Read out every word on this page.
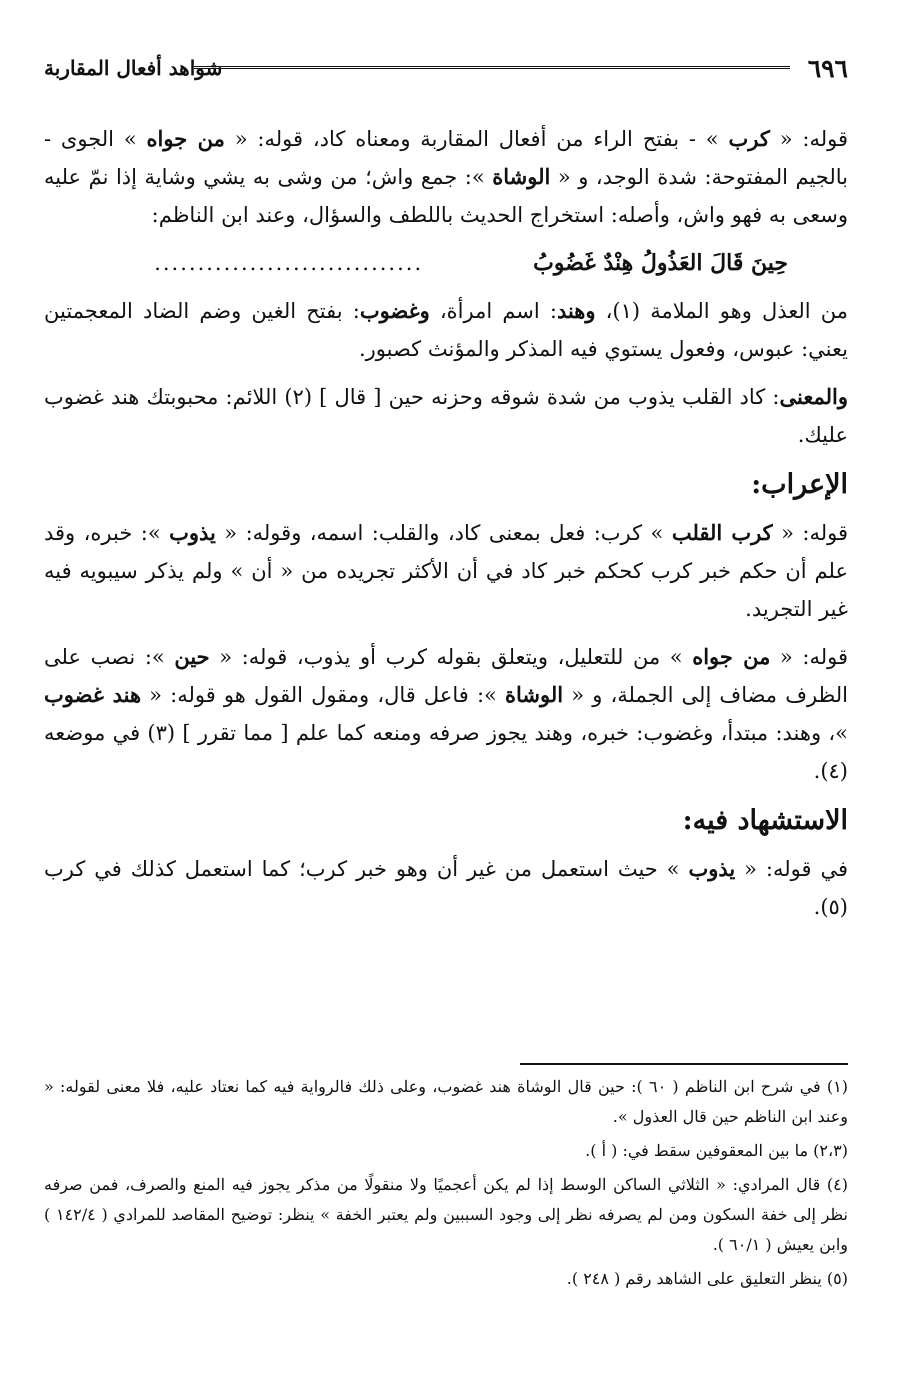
٦٩٦
شواهد أفعال المقاربة

قوله: « كرب » - بفتح الراء من أفعال المقاربة ومعناه كاد، قوله: « من جواه » الجوى - بالجيم المفتوحة: شدة الوجد، و « الوشاة »: جمع واش؛ من وشى به يشي وشاية إذا نمّ عليه وسعى به فهو واش، وأصله: استخراج الحديث باللطف والسؤال، وعند ابن الناظم:

حِينَ قَالَ العَذُولُ هِنْدٌ غَضُوبُ
...............................

من العذل وهو الملامة (١)، وهند: اسم امرأة، وغضوب: بفتح الغين وضم الضاد المعجمتين يعني: عبوس، وفعول يستوي فيه المذكر والمؤنث كصبور.

والمعنى: كاد القلب يذوب من شدة شوقه وحزنه حين [ قال ] (٢) اللائم: محبوبتك هند غضوب عليك.

الإعراب:

قوله: « كرب القلب » كرب: فعل بمعنى كاد، والقلب: اسمه، وقوله: « يذوب »: خبره، وقد علم أن حكم خبر كرب كحكم خبر كاد في أن الأكثر تجريده من « أن » ولم يذكر سيبويه فيه غير التجريد.

قوله: « من جواه » من للتعليل، ويتعلق بقوله كرب أو يذوب، قوله: « حين »: نصب على الظرف مضاف إلى الجملة، و « الوشاة »: فاعل قال، ومقول القول هو قوله: « هند غضوب »، وهند: مبتدأ، وغضوب: خبره، وهند يجوز صرفه ومنعه كما علم [ مما تقرر ] (٣) في موضعه (٤).

الاستشهاد فيه:

في قوله: « يذوب » حيث استعمل من غير أن وهو خبر كرب؛ كما استعمل كذلك في كرب (٥).

(١) في شرح ابن الناظم ( ٦٠ ): حين قال الوشاة هند غضوب، وعلى ذلك فالرواية فيه كما نعتاد عليه، فلا معنى لقوله: « وعند ابن الناظم حين قال العذول ».

(٢،٣) ما بين المعقوفين سقط في: ( أ ).

(٤) قال المرادي: « الثلاثي الساكن الوسط إذا لم يكن أعجميًا ولا منقولًا من مذكر يجوز فيه المنع والصرف، فمن صرفه نظر إلى خفة السكون ومن لم يصرفه نظر إلى وجود السببين ولم يعتبر الخفة » ينظر: توضيح المقاصد للمرادي ( ١٤٢/٤ ) وابن يعيش ( ٦٠/١ ).

(٥) ينظر التعليق على الشاهد رقم ( ٢٤٨ ).
